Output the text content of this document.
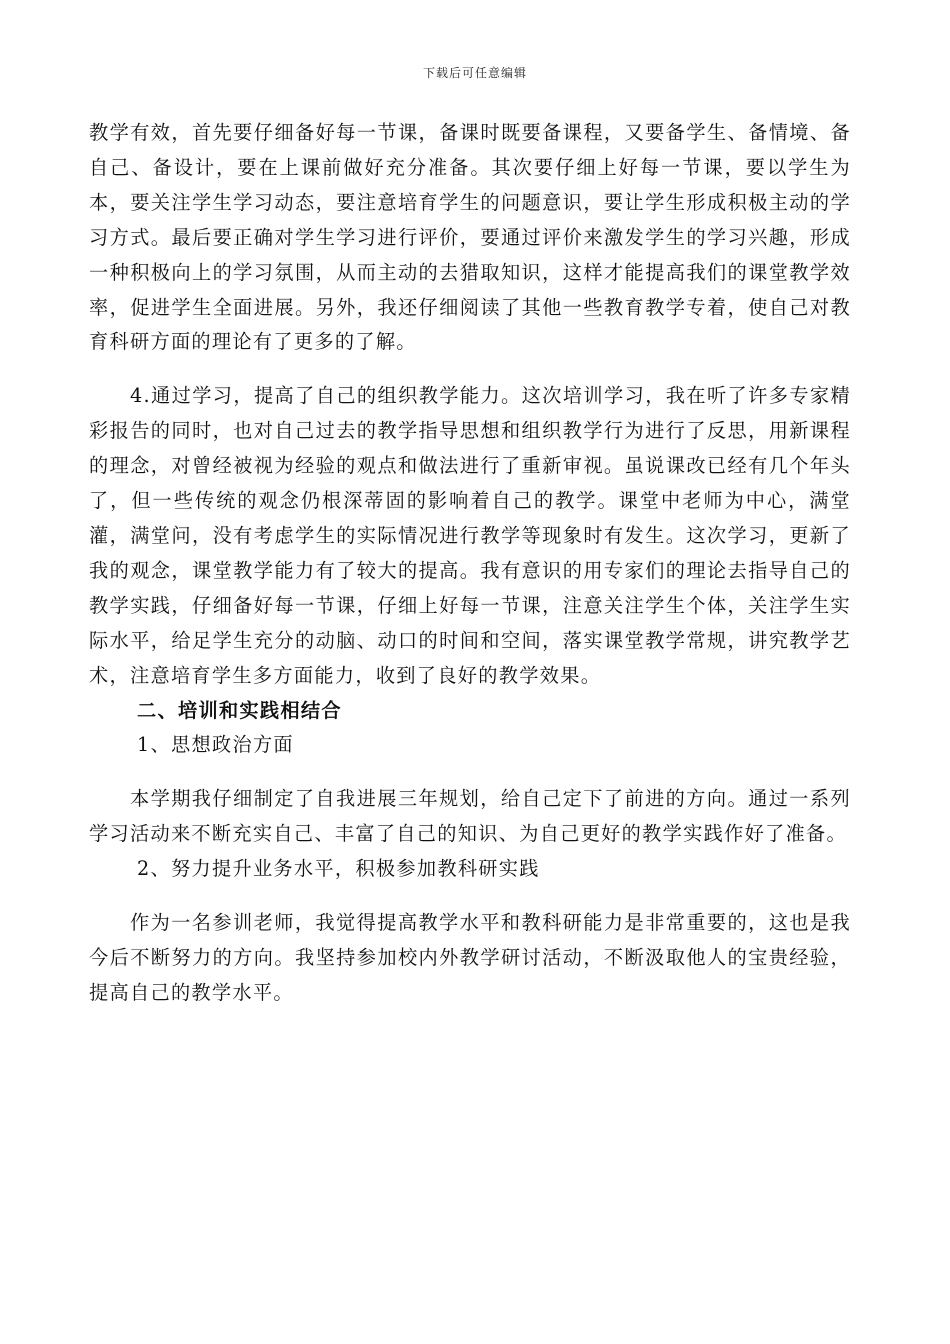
下载后可任意编辑

教学有效，首先要仔细备好每一节课，备课时既要备课程，又要备学生、备情境、备自己、备设计，要在上课前做好充分准备。其次要仔细上好每一节课，要以学生为本，要关注学生学习动态，要注意培育学生的问题意识，要让学生形成积极主动的学习方式。最后要正确对学生学习进行评价，要通过评价来激发学生的学习兴趣，形成一种积极向上的学习氛围，从而主动的去猎取知识，这样才能提高我们的课堂教学效率，促进学生全面进展。另外，我还仔细阅读了其他一些教育教学专着，使自己对教育科研方面的理论有了更多的了解。

4.通过学习，提高了自己的组织教学能力。这次培训学习，我在听了许多专家精彩报告的同时，也对自己过去的教学指导思想和组织教学行为进行了反思，用新课程的理念，对曾经被视为经验的观点和做法进行了重新审视。虽说课改已经有几个年头了，但一些传统的观念仍根深蒂固的影响着自己的教学。课堂中老师为中心，满堂灌，满堂问，没有考虑学生的实际情况进行教学等现象时有发生。这次学习，更新了我的观念，课堂教学能力有了较大的提高。我有意识的用专家们的理论去指导自己的教学实践，仔细备好每一节课，仔细上好每一节课，注意关注学生个体，关注学生实际水平，给足学生充分的动脑、动口的时间和空间，落实课堂教学常规，讲究教学艺术，注意培育学生多方面能力，收到了良好的教学效果。

二、培训和实践相结合

1、思想政治方面

本学期我仔细制定了自我进展三年规划，给自己定下了前进的方向。通过一系列学习活动来不断充实自己、丰富了自己的知识、为自己更好的教学实践作好了准备。

2、努力提升业务水平，积极参加教科研实践

作为一名参训老师，我觉得提高教学水平和教科研能力是非常重要的，这也是我今后不断努力的方向。我坚持参加校内外教学研讨活动，不断汲取他人的宝贵经验，提高自己的教学水平。
